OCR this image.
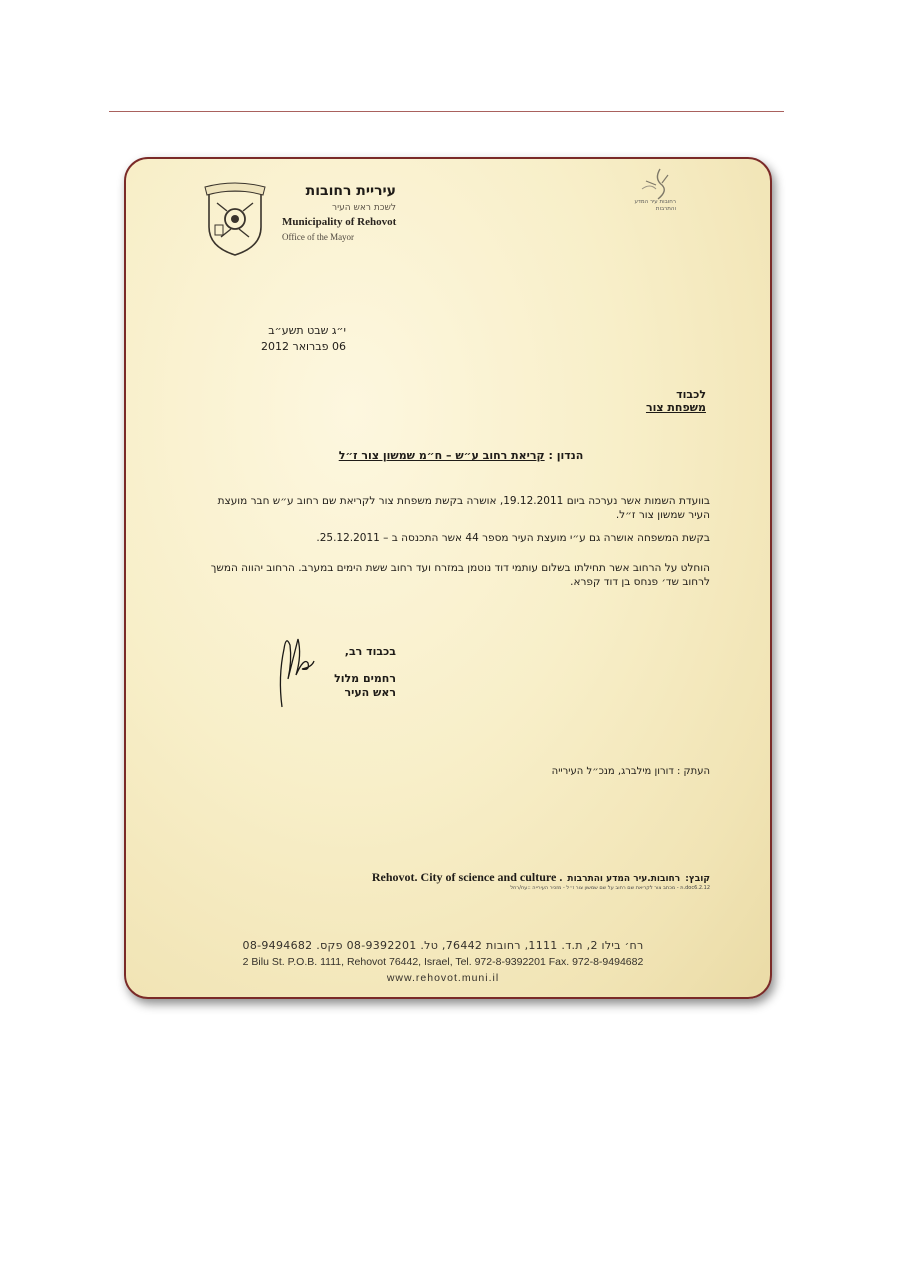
עיריית רחובות
לשכת ראש העיר
Municipality of Rehovot
Office of the Mayor
רחובות עיר המדע והתרבות
י״ג שבט תשע״ב
06 פברואר 2012
לכבוד
משפחת צור
הנדון : קריאת רחוב ע״ש – ח״מ שמשון צור ז״ל
בוועדת השמות אשר נערכה ביום 19.12.2011, אושרה בקשת משפחת צור לקריאת שם רחוב ע״ש חבר מועצת העיר שמשון צור ז״ל.
בקשת המשפחה אושרה גם ע״י מועצת העיר מספר 44 אשר התכנסה ב – 25.12.2011.
הוחלט על הרחוב אשר תחילתו בשלום עותמי דוד נוטמן במזרח ועד רחוב ששת הימים במערב. הרחוב יהווה המשך לרחוב שד׳ פנחס בן דוד קפרא.
בכבוד רב,
רחמים מלול
ראש העיר
העתק : דורון מילברג, מנכ״ל העירייה
קובץ: רחובות.עיר המדע והתרבות Rehovot. City of science and culture .
doc6.2.12.ת - מכתב צור לקריאת שם רחוב על שם שמשון צור ז״ל - מזכיר העירייה ::עח/רחל
רח׳ בילו 2, ת.ד. 1111, רחובות 76442, טל. 08-9392201 פקס. 08-9494682
2 Bilu St. P.O.B. 1111, Rehovot 76442, Israel, Tel. 972-8-9392201 Fax. 972-8-9494682
www.rehovot.muni.il
